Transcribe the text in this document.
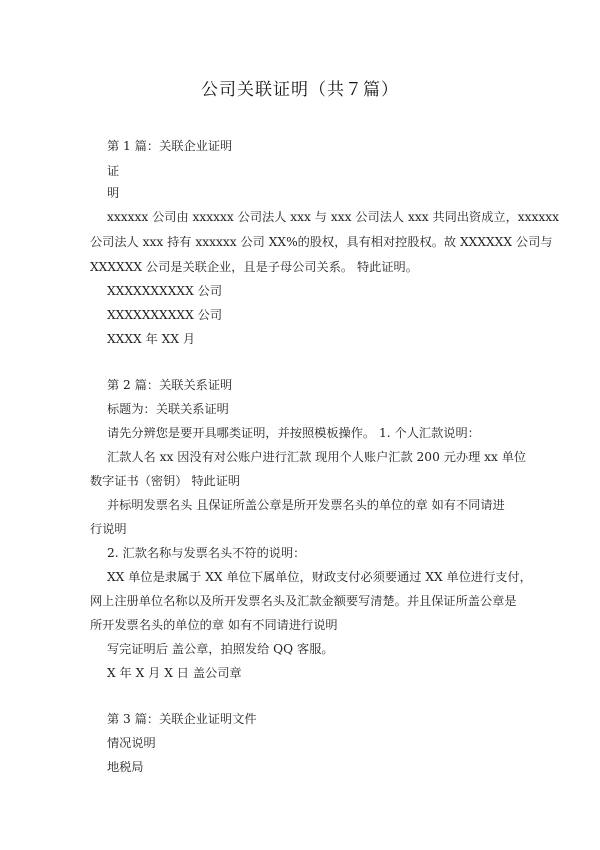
公司关联证明（共７篇）
第 1 篇：关联企业证明
证
明
xxxxxx 公司由 xxxxxx 公司法人 xxx 与 xxx 公司法人 xxx 共同出资成立，xxxxxx
公司法人 xxx 持有 xxxxxx 公司 XX%的股权，具有相对控股权。故 XXXXXX 公司与
XXXXXX 公司是关联企业，且是子母公司关系。 特此证明。
XXXXXXXXXX 公司
XXXXXXXXXX 公司
XXXX 年 XX 月
第 2 篇：关联关系证明
标题为：关联关系证明
请先分辨您是要开具哪类证明，并按照模板操作。 1. 个人汇款说明：
汇款人名 xx 因没有对公账户进行汇款 现用个人账户汇款 200 元办理 xx 单位
数字证书（密钥） 特此证明
并标明发票名头 且保证所盖公章是所开发票名头的单位的章 如有不同请进
行说明
2. 汇款名称与发票名头不符的说明：
XX 单位是隶属于 XX 单位下属单位，财政支付必须要通过 XX 单位进行支付，
网上注册单位名称以及所开发票名头及汇款金额要写清楚。并且保证所盖公章是
所开发票名头的单位的章 如有不同请进行说明
写完证明后 盖公章，拍照发给 QQ 客服。
X 年 X 月 X 日 盖公司章
第 3 篇：关联企业证明文件
情况说明
地税局
